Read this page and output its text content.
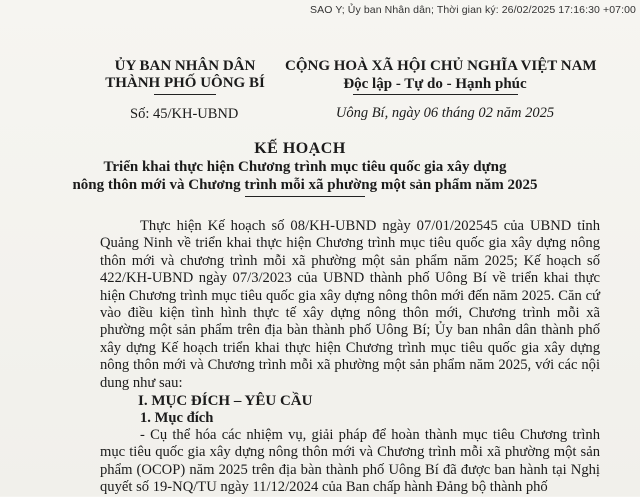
SAO Y; Ủy ban Nhân dân; Thời gian ký: 26/02/2025 17:16:30 +07:00
ỦY BAN NHÂN DÂN
THÀNH PHỐ UÔNG BÍ
Số: 45/KH-UBND
CỘNG HOÀ XÃ HỘI CHỦ NGHĨA VIỆT NAM
Độc lập - Tự do - Hạnh phúc
Uông Bí, ngày 06 tháng 02 năm 2025
KẾ HOẠCH
Triển khai thực hiện Chương trình mục tiêu quốc gia xây dựng
nông thôn mới và Chương trình mỗi xã phường một sản phẩm năm 2025

Thực hiện Kế hoạch số 08/KH-UBND ngày 07/01/202545 của UBND tỉnh Quảng Ninh về triển khai thực hiện Chương trình mục tiêu quốc gia xây dựng nông thôn mới và chương trình mỗi xã phường một sản phẩm năm 2025; Kế hoạch số 422/KH-UBND ngày 07/3/2023 của UBND thành phố Uông Bí về triển khai thực hiện Chương trình mục tiêu quốc gia xây dựng nông thôn mới đến năm 2025. Căn cứ vào điều kiện tình hình thực tế xây dựng nông thôn mới, Chương trình mỗi xã phường một sản phẩm trên địa bàn thành phố Uông Bí; Ủy ban nhân dân thành phố xây dựng Kế hoạch triển khai thực hiện Chương trình mục tiêu quốc gia xây dựng nông thôn mới và Chương trình mỗi xã phường một sản phẩm năm 2025, với các nội dung như sau:

I. MỤC ĐÍCH – YÊU CẦU
1. Mục đích

- Cụ thể hóa các nhiệm vụ, giải pháp để hoàn thành mục tiêu Chương trình mục tiêu quốc gia xây dựng nông thôn mới và Chương trình mỗi xã phường một sản phẩm (OCOP) năm 2025 trên địa bàn thành phố Uông Bí đã được ban hành tại Nghị quyết số 19-NQ/TU ngày 11/12/2024 của Ban chấp hành Đảng bộ thành phố
